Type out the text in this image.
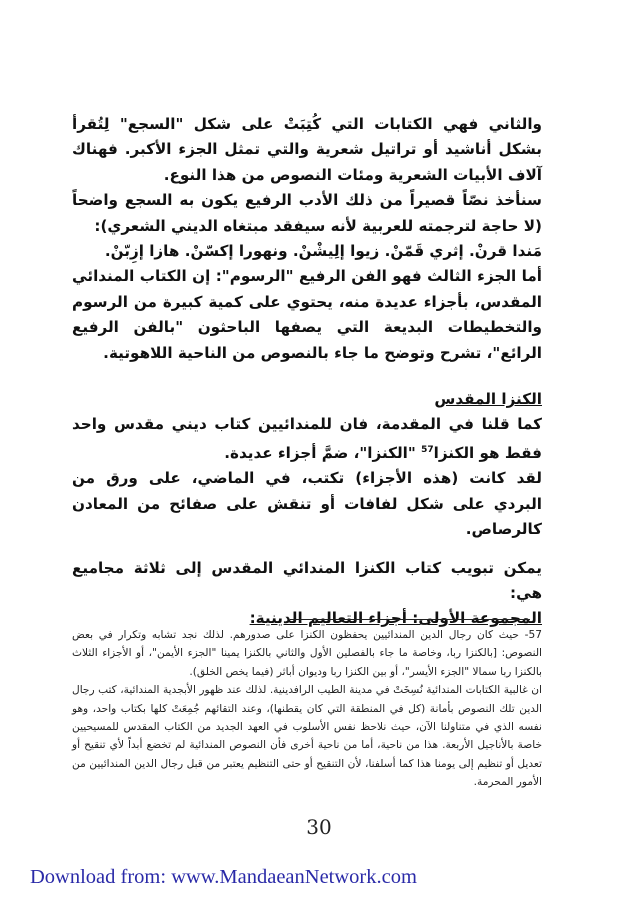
والثاني فهي الكتابات التي كُتِبَتْ على شكل "السجع" لِتُقرأ بشكل أناشيد أو تراتيل شعرية والتي تمثل الجزء الأكبر. فهناك آلاف الأبيات الشعرية ومئات النصوص من هذا النوع.

سنأخذ نصّاً قصيراً من ذلك الأدب الرفيع يكون به السجع واضحاً (لا حاجة لترجمته للعربية لأنه سيفقد مبتغاه الديني الشعري):

مَندا قرنْ. إثري قَمّنْ. زيوا إلِيشْنْ. ونهورا إكسّنْ. هازا إزِبّنْ.

أما الجزء الثالث فهو الفن الرفيع "الرسوم": إن الكتاب المندائي المقدس، بأجزاء عديدة منه، يحتوي على كمية كبيرة من الرسوم والتخطيطات البديعة التي يصفها الباحثون "بالفن الرفيع الرائع"، تشرح وتوضح ما جاء بالنصوص من الناحية اللاهوتية.

الكنزا المقدس

كما قلنا في المقدمة، فان للمندائيين كتاب ديني مقدس واحد فقط هو الكنزا$^{57}$ "الكنزا"، ضمَّ أجزاء عديدة.

لقد كانت (هذه الأجزاء) تكتب، في الماضي، على ورق من البردي على شكل لفافات أو تنقش على صفائح من المعادن كالرصاص.

يمكن تبويب كتاب الكنزا المندائي المقدس إلى ثلاثة مجاميع هي:

المجموعة الأولى: أجزاء التعاليم الدينية:

57- حيث كان رجال الدين المندائيين يحفظون الكنزا على صدورهم. لذلك نجد تشابه وتكرار في بعض النصوص: [بالكنزا ربا، وخاصة ما جاء بالفصلين الأول والثاني بالكنزا يمينا "الجزء الأيمن"، أو الأجزاء الثلاث بالكنزا ربا سمالا "الجزء الأيسر"، أو بين الكنزا ربا وديوان أباثر (فيما يخص الخلق).

ان غالبية الكتابات المندائية نُسِخَتْ في مدينة الطيب الرافدينية. لذلك عند ظهور الأبجدية المندائية، كتب رجال الدين تلك النصوص بأمانة (كل في المنطقة التي كان يقطنها)، وعند التقائهم جُمِعَتْ كلها بكتاب واحد، وهو نفسه الذي في متناولنا الآن، حيث نلاحظ نفس الأسلوب في العهد الجديد من الكتاب المقدس للمسيحيين خاصة بالأناجيل الأربعة. هذا من ناحية، أما من ناحية أخرى فأن النصوص المندائية لم تخضع أبداً لأي تنقيح أو تعديل أو تنظيم إلى يومنا هذا كما أسلفنا، لأن التنقيح أو حتى التنظيم يعتبر من قبل رجال الدين المندائيين من الأمور المحرمة.

30
Download from: www.MandaeanNetwork.com
